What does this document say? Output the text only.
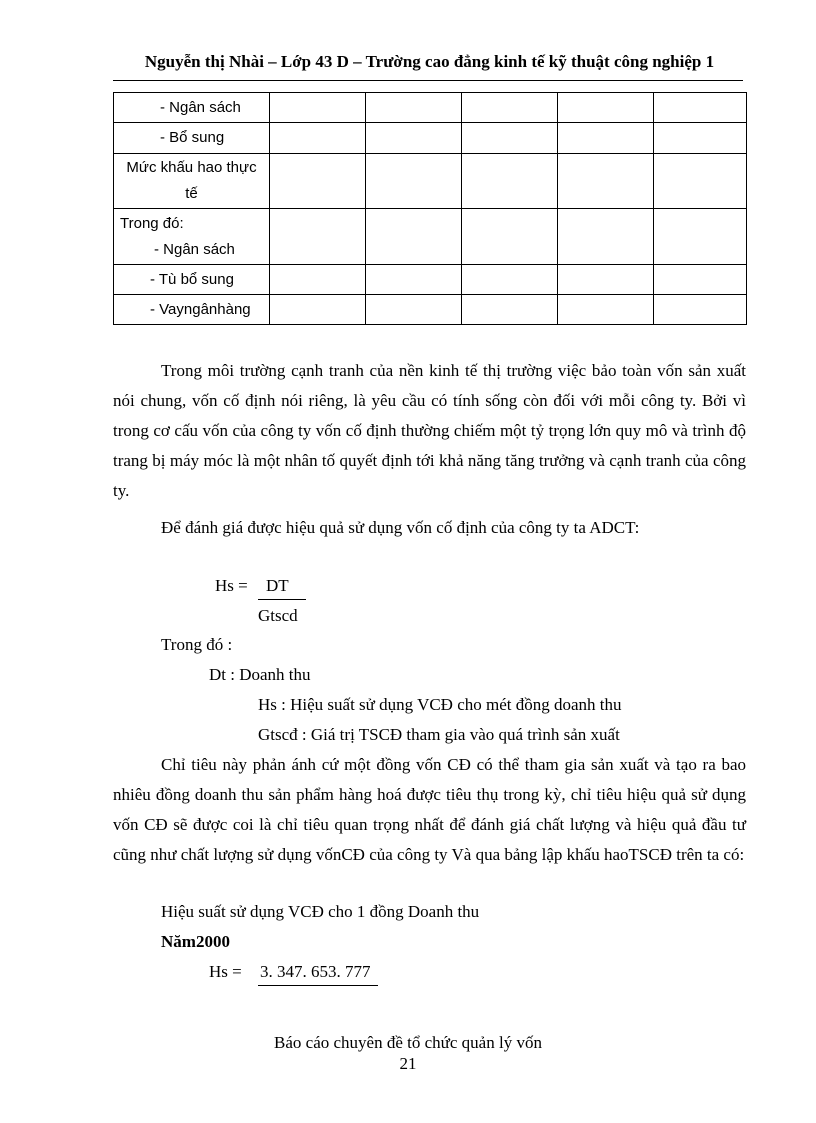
Nguyễn thị Nhài – Lớp 43 D – Trường cao đẳng kinh tế kỹ thuật công nghiệp 1
- Ngân sách					
- Bổ sung					
Mức khấu hao thực
tế					

Trong đó:
- Ngân sách					

- Tù bổ sung					
- Vayngânhàng					
Trong môi trường cạnh tranh của nền kinh tế thị trường việc bảo toàn vốn sản xuất nói chung, vốn cố định nói riêng, là yêu cầu có tính sống còn đối với mỗi công ty. Bởi vì trong cơ cấu vốn của công ty vốn cố định thường chiếm một tỷ trọng lớn quy mô và trình độ trang bị máy móc là một nhân tố quyết định tới khả năng tăng trưởng và cạnh tranh của công ty.
Để đánh giá được hiệu quả sử dụng vốn cố định của công ty ta ADCT:
Hs = DT
Gtscd
Trong đó :
Dt : Doanh thu
Hs : Hiệu suất sử dụng VCĐ cho mét đồng doanh thu
Gtscđ : Giá trị TSCĐ tham gia vào quá trình sản xuất
Chỉ tiêu này phản ánh cứ một đồng vốn CĐ có thể tham gia sản xuất và tạo ra bao nhiêu đồng doanh thu sản phẩm hàng hoá được tiêu thụ trong kỳ, chỉ tiêu hiệu quả sử dụng vốn CĐ sẽ được coi là chỉ tiêu quan trọng nhất để đánh giá chất lượng và hiệu quả đầu tư cũng như chất lượng sử dụng vốnCĐ của công ty Và qua bảng lập khấu haoTSCĐ trên ta có:
Hiệu suất sử dụng VCĐ cho 1 đồng Doanh thu
Năm2000
Hs = 3. 347. 653. 777
Báo cáo chuyên đề tổ chức quản lý vốn
21
